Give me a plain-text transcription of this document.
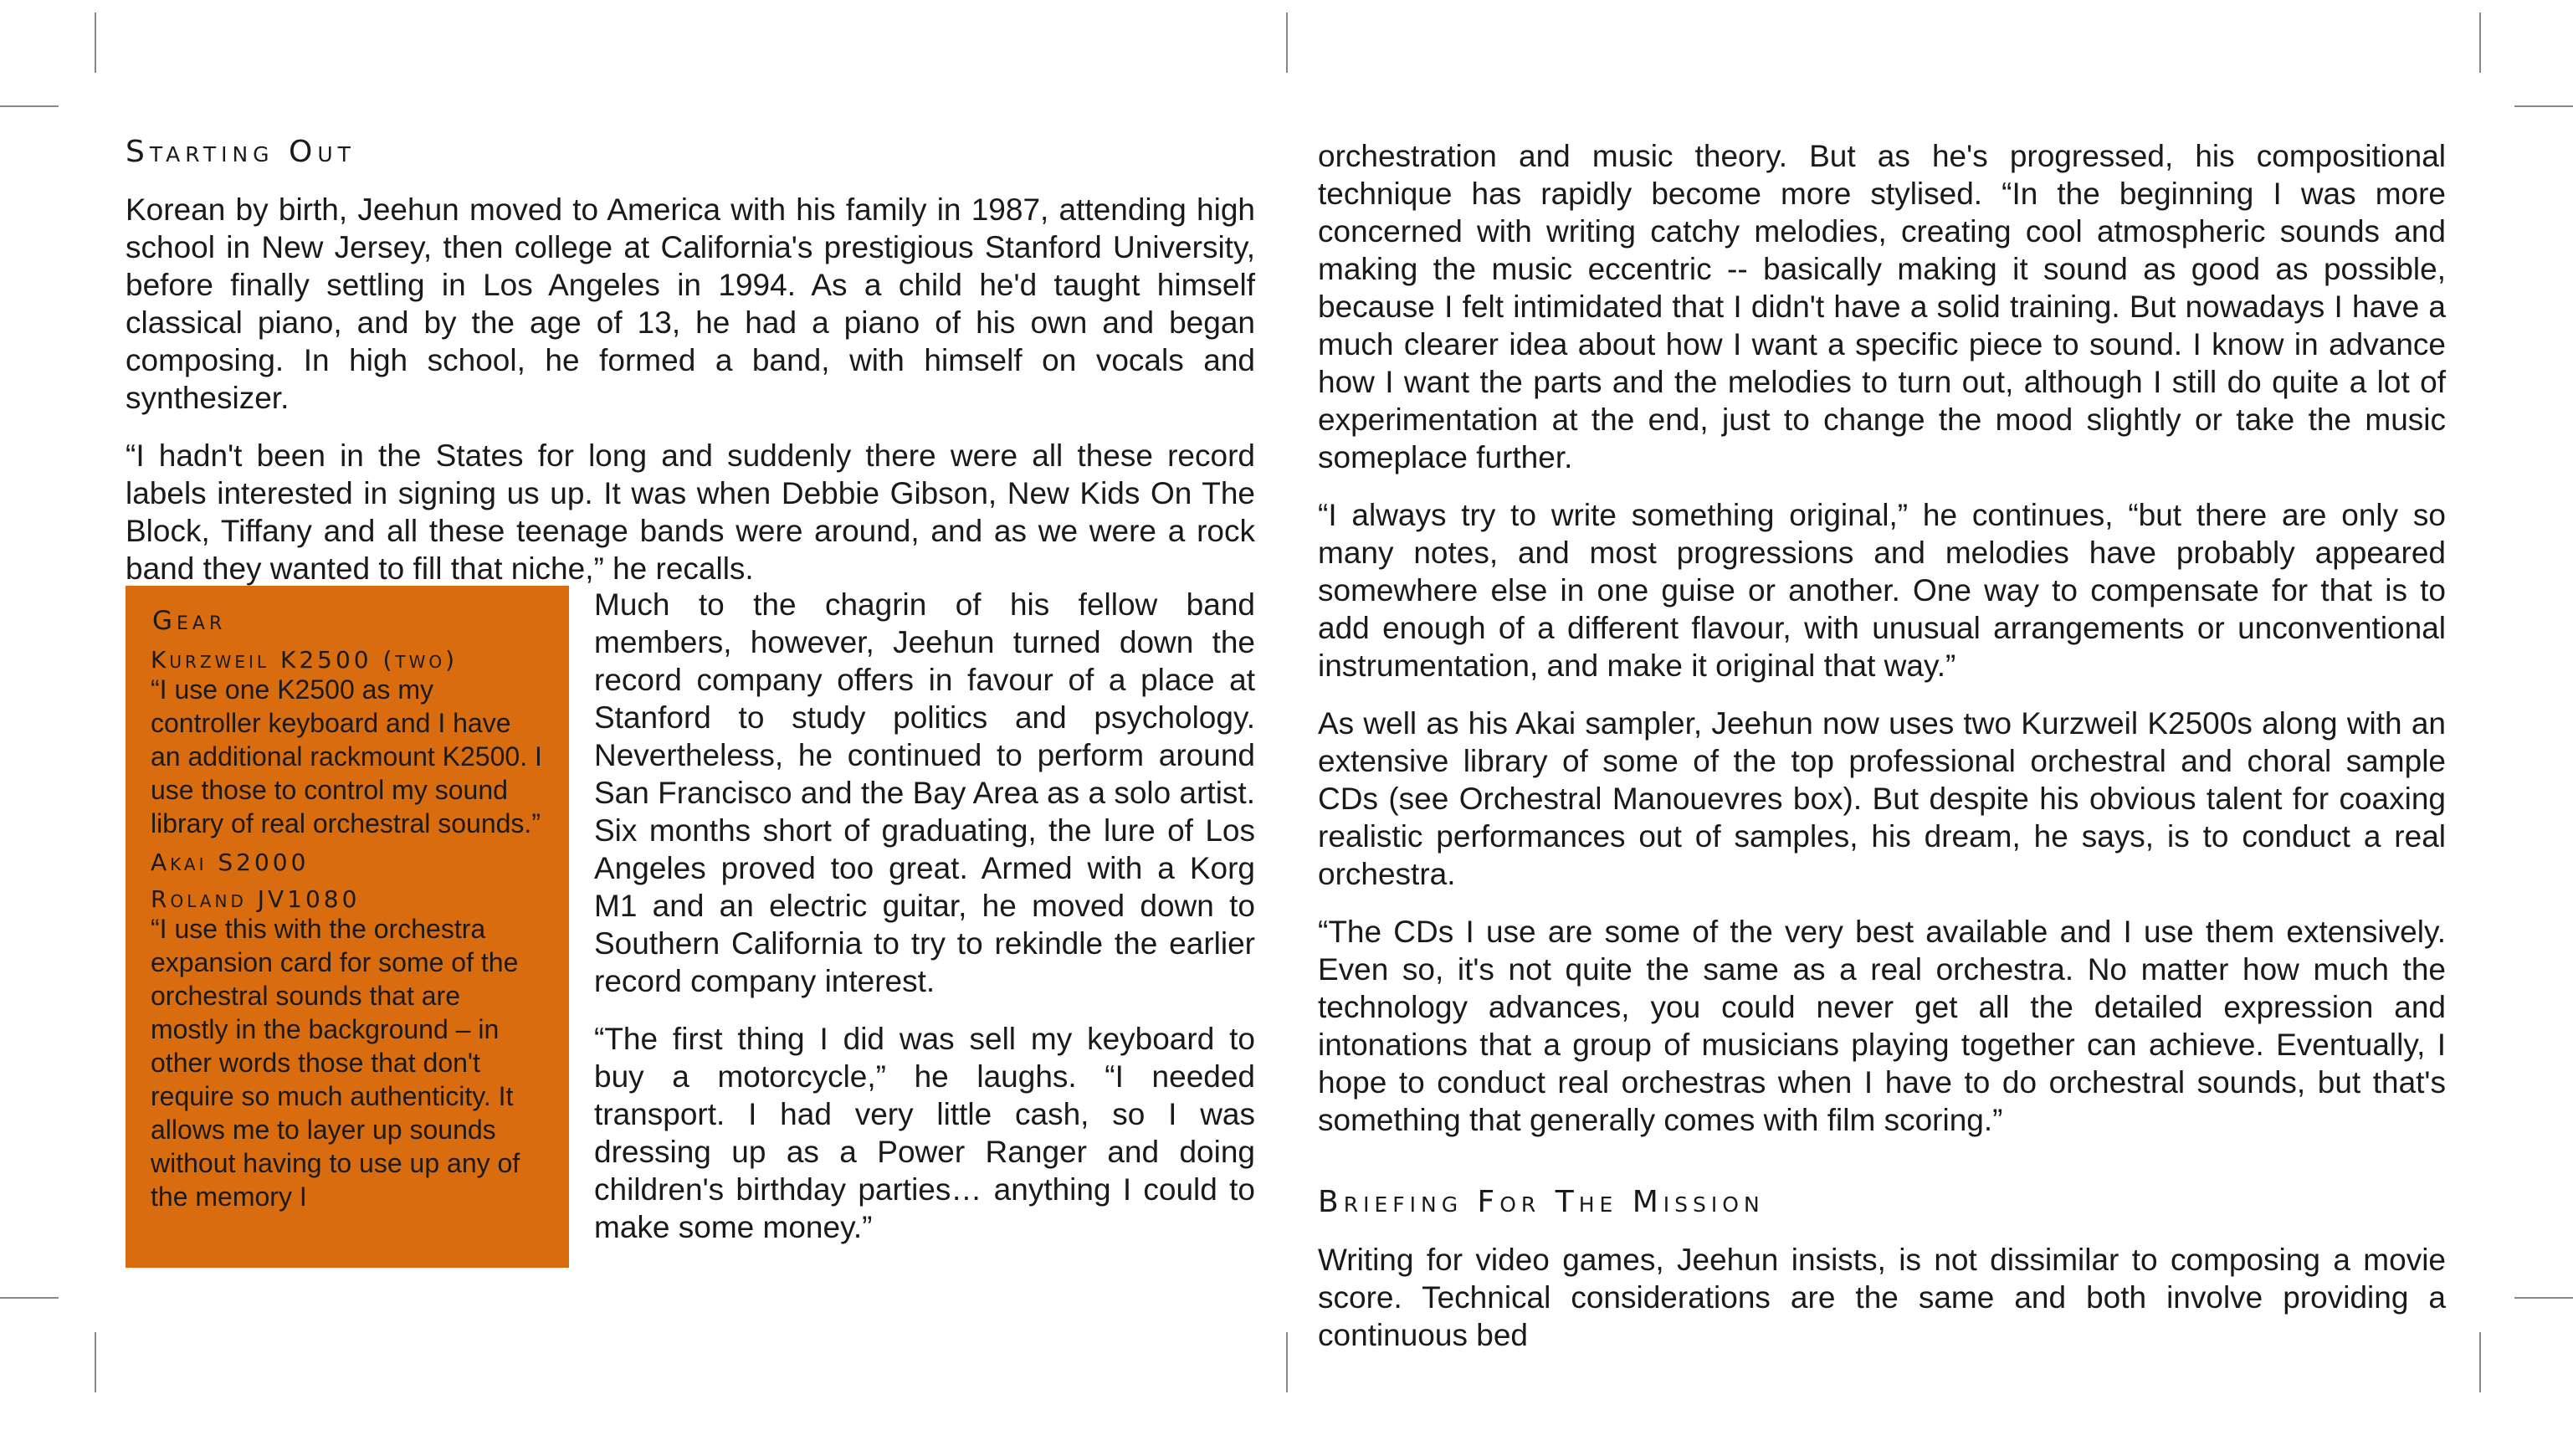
Starting Out

Korean by birth, Jeehun moved to America with his family in 1987, attending high school in New Jersey, then college at California's prestigious Stanford University, before finally settling in Los Angeles in 1994. As a child he'd taught himself classical piano, and by the age of 13, he had a piano of his own and began composing. In high school, he formed a band, with himself on vocals and synthesizer.

“I hadn't been in the States for long and suddenly there were all these record labels interested in signing us up. It was when Debbie Gibson, New Kids On The Block, Tiffany and all these teenage bands were around, and as we were a rock band they wanted to fill that niche,” he recalls.

Gear
Kurzweil K2500 (two)

“I use one K2500 as my controller keyboard and I have an additional rackmount K2500. I use those to control my sound library of real orchestral sounds.”

Akai S2000
Roland JV1080

“I use this with the orchestra expansion card for some of the orchestral sounds that are mostly in the background – in other words those that don't require so much authenticity. It allows me to layer up sounds without having to use up any of the memory I

Much to the chagrin of his fellow band members, however, Jeehun turned down the record company offers in favour of a place at Stanford to study politics and psychology. Nevertheless, he continued to perform around San Francisco and the Bay Area as a solo artist. Six months short of graduating, the lure of Los Angeles proved too great. Armed with a Korg M1 and an electric guitar, he moved down to Southern California to try to rekindle the earlier record company interest.

“The first thing I did was sell my keyboard to buy a motorcycle,” he laughs. “I needed transport. I had very little cash, so I was dressing up as a Power Ranger and doing children's birthday parties… anything I could to make some money.”

orchestration and music theory. But as he's progressed, his compositional technique has rapidly become more stylised. “In the beginning I was more concerned with writing catchy melodies, creating cool atmospheric sounds and making the music eccentric -- basically making it sound as good as possible, because I felt intimidated that I didn't have a solid training. But nowadays I have a much clearer idea about how I want a specific piece to sound. I know in advance how I want the parts and the melodies to turn out, although I still do quite a lot of experimentation at the end, just to change the mood slightly or take the music someplace further.

“I always try to write something original,” he continues, “but there are only so many notes, and most progressions and melodies have probably appeared somewhere else in one guise or another. One way to compensate for that is to add enough of a different flavour, with unusual arrangements or unconventional instrumentation, and make it original that way.”

As well as his Akai sampler, Jeehun now uses two Kurzweil K2500s along with an extensive library of some of the top professional orchestral and choral sample CDs (see Orchestral Manouevres box). But despite his obvious talent for coaxing realistic performances out of samples, his dream, he says, is to conduct a real orchestra.

“The CDs I use are some of the very best available and I use them extensively. Even so, it's not quite the same as a real orchestra. No matter how much the technology advances, you could never get all the detailed expression and intonations that a group of musicians playing together can achieve. Eventually, I hope to conduct real orchestras when I have to do orchestral sounds, but that's something that generally comes with film scoring.”

Briefing For The Mission

Writing for video games, Jeehun insists, is not dissimilar to composing a movie score. Technical considerations are the same and both involve providing a continuous bed
